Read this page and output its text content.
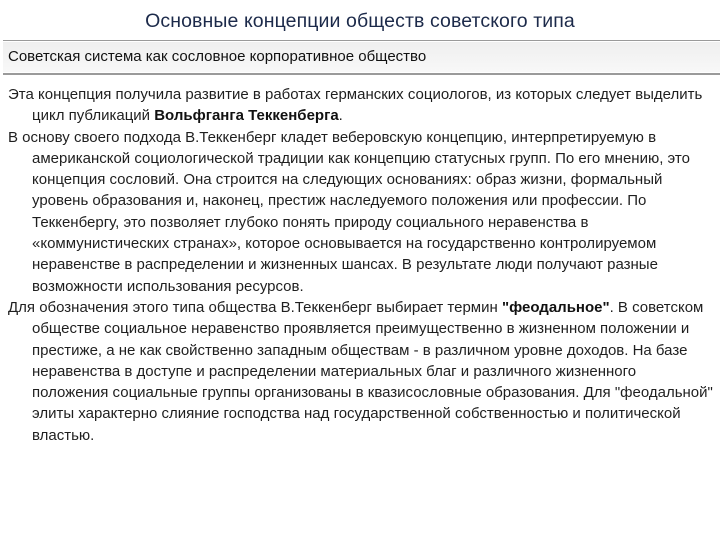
Основные концепции обществ советского типа
Советская система как сословное корпоративное общество

Эта концепция получила развитие в работах германских социологов, из которых следует выделить цикл публикаций Вольфганга Теккенберга.

В основу своего подхода В.Теккенберг кладет веберовскую концепцию, интерпретируемую в американской социологической традиции как концепцию статусных групп. По его мнению, это концепция сословий. Она строится на следующих основаниях: образ жизни, формальный уровень образования и, наконец, престиж наследуемого положения или профессии. По Теккенбергу, это позволяет глубоко понять природу социального неравенства в «коммунистических странах», которое основывается на государственно контролируемом неравенстве в распределении и жизненных шансах. В результате люди получают разные возможности использования ресурсов.

Для обозначения этого типа общества В.Теккенберг выбирает термин "феодальное". В советском обществе социальное неравенство проявляется преимущественно в жизненном положении и престиже, а не как свойственно западным обществам - в различном уровне доходов. На базе неравенства в доступе и распределении материальных благ и различного жизненного положения социальные группы организованы в квазисословные образования. Для "феодальной" элиты характерно слияние господства над государственной собственностью и политической властью.
